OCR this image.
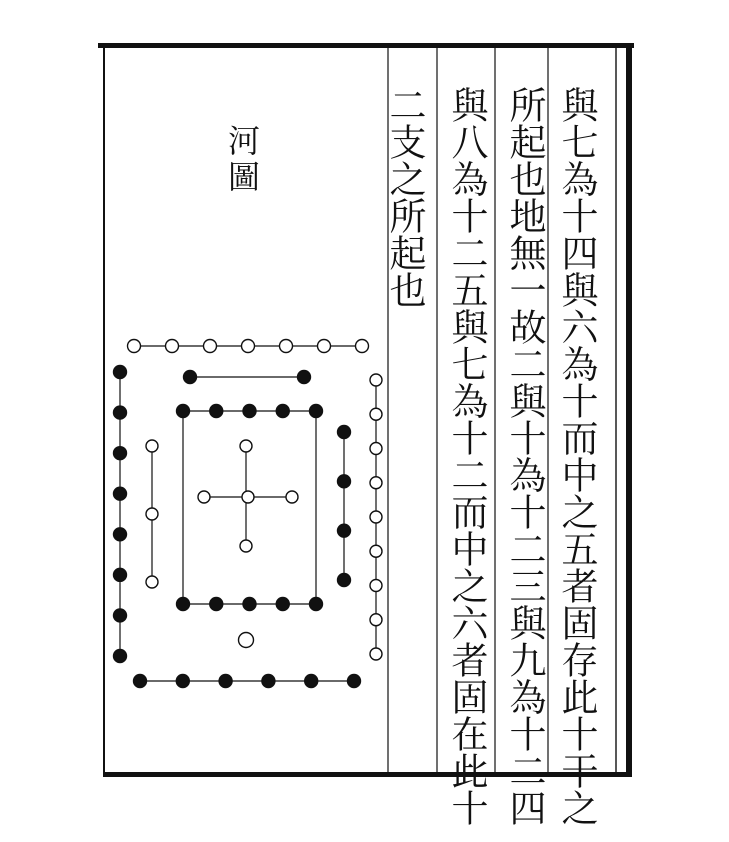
與七為十四與六為十而中之五者固存此十干之
所起也地無一故二與十為十二三與九為十二四
與八為十二五與七為十二而中之六者固在此十
二支之所起也
河圖
